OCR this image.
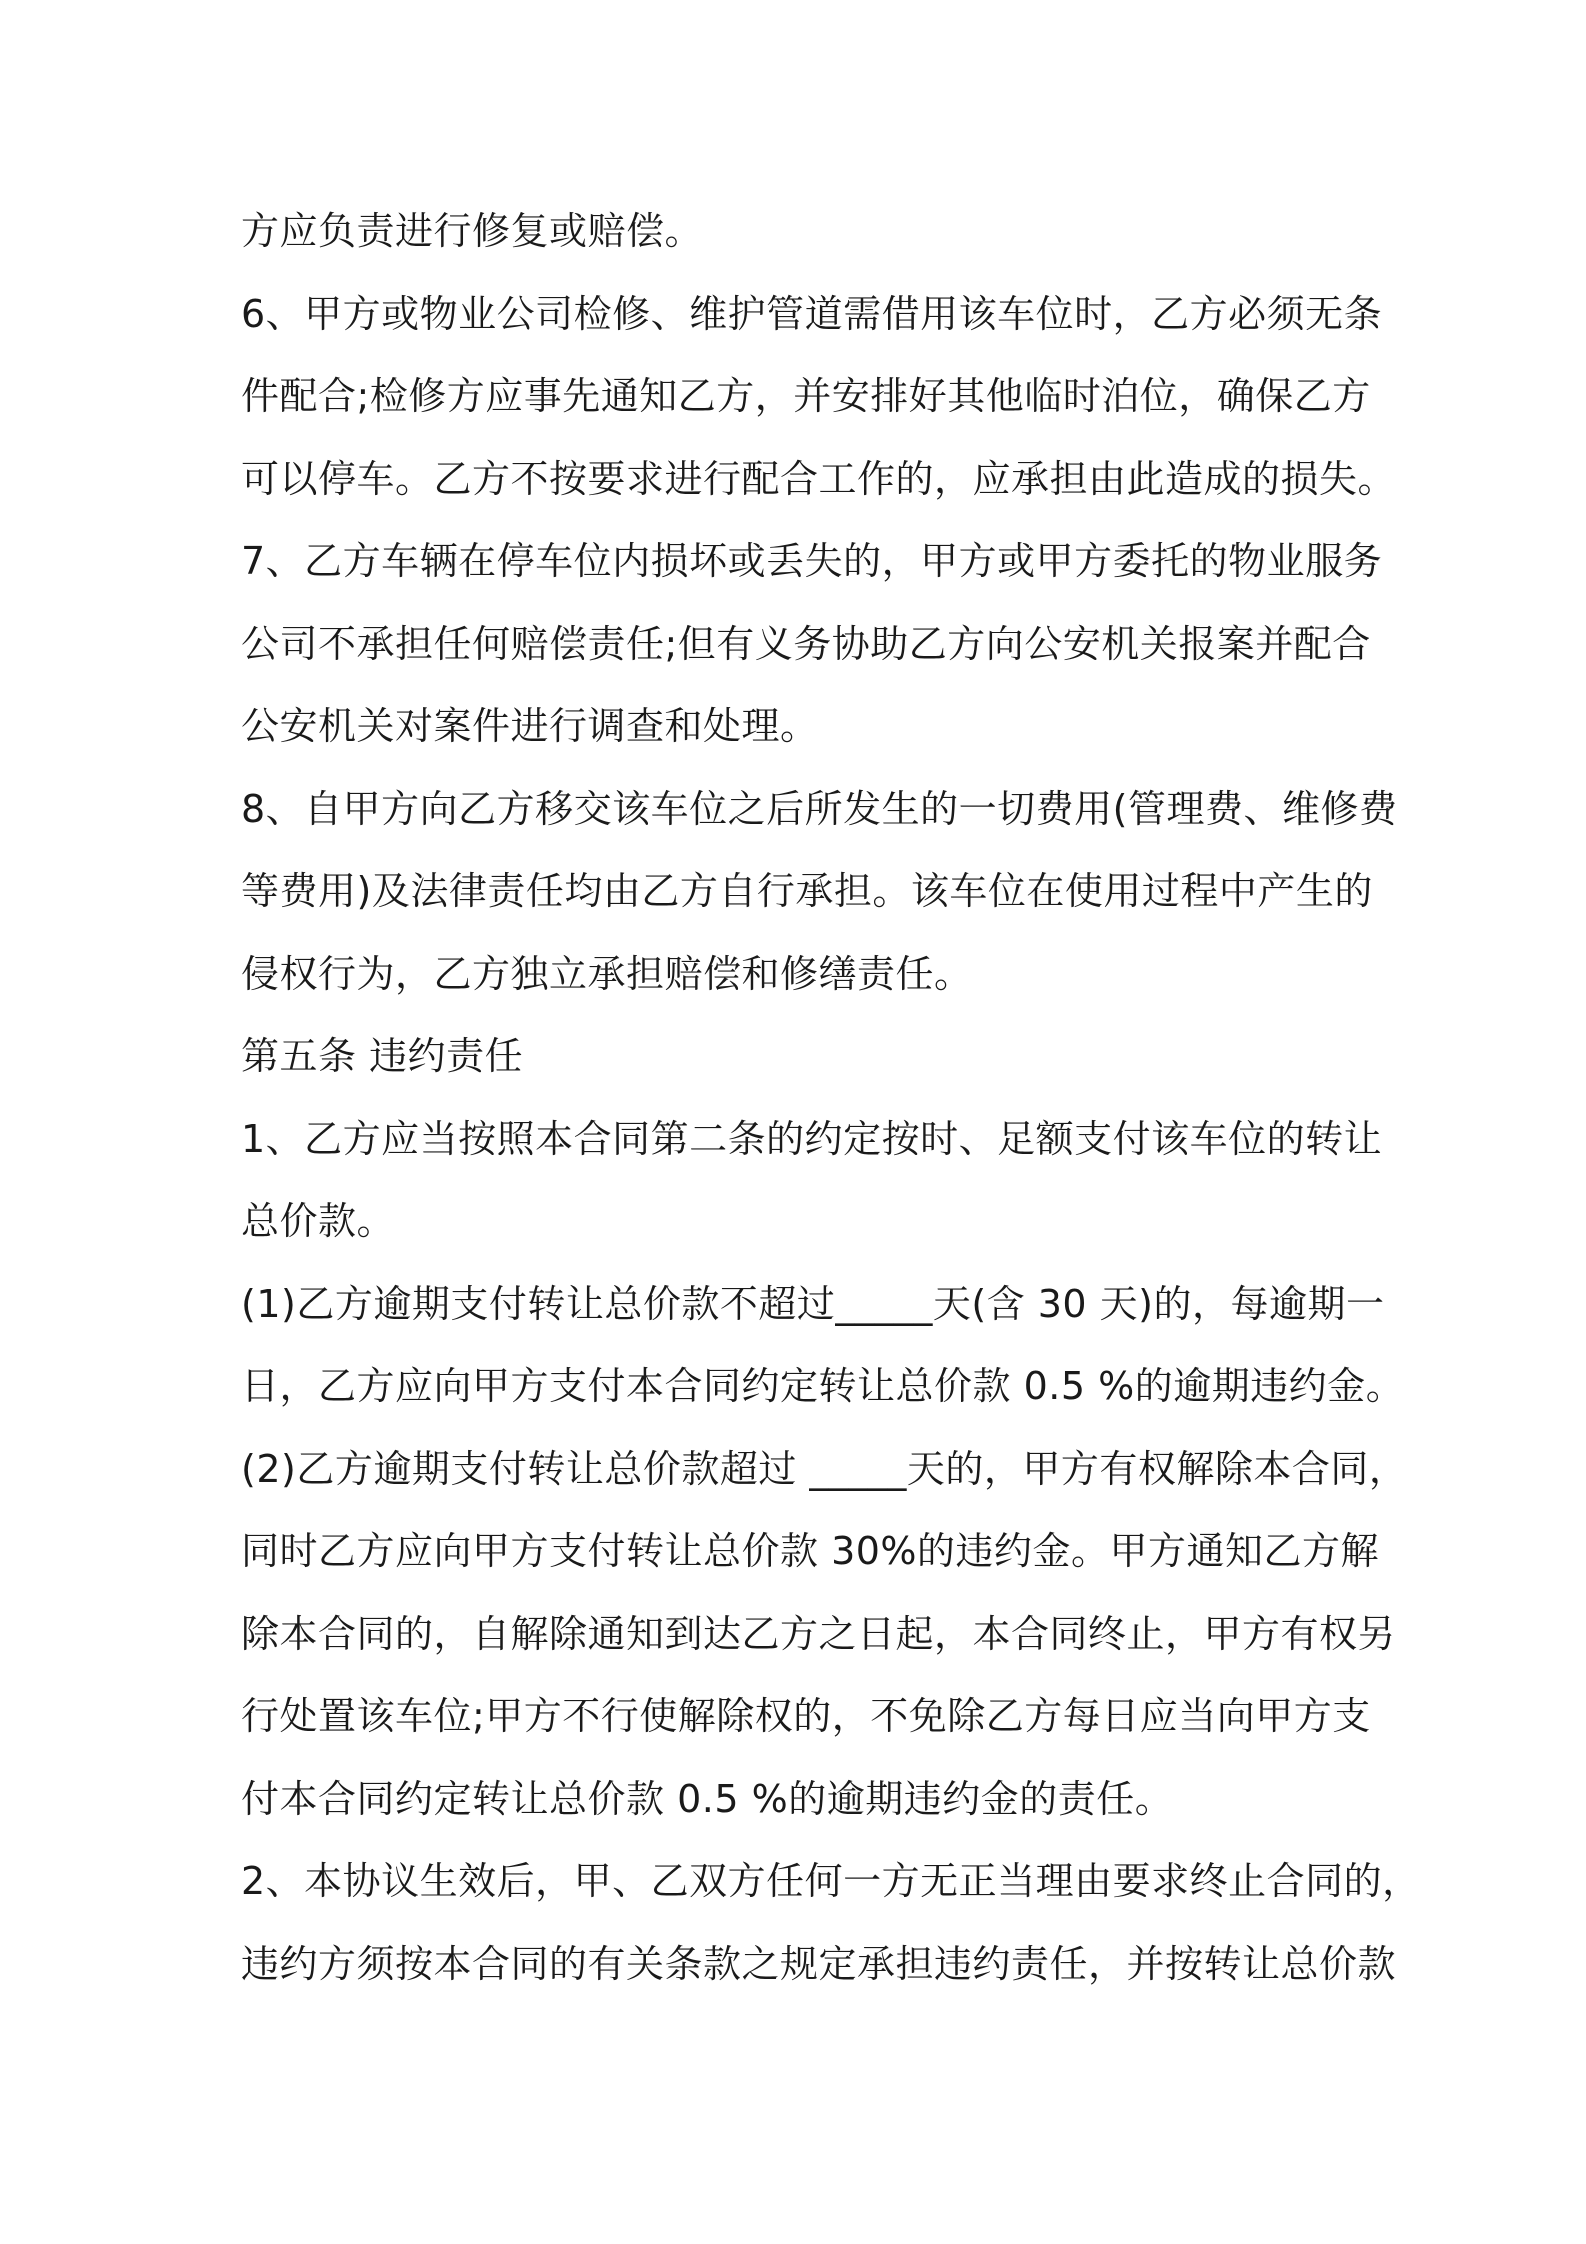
方应负责进行修复或赔偿。
6、甲方或物业公司检修、维护管道需借用该车位时，乙方必须无条
件配合;检修方应事先通知乙方，并安排好其他临时泊位，确保乙方
可以停车。乙方不按要求进行配合工作的，应承担由此造成的损失。
7、乙方车辆在停车位内损坏或丢失的，甲方或甲方委托的物业服务
公司不承担任何赔偿责任;但有义务协助乙方向公安机关报案并配合
公安机关对案件进行调查和处理。
8、自甲方向乙方移交该车位之后所发生的一切费用(管理费、维修费
等费用)及法律责任均由乙方自行承担。该车位在使用过程中产生的
侵权行为，乙方独立承担赔偿和修缮责任。
第五条 违约责任
1、乙方应当按照本合同第二条的约定按时、足额支付该车位的转让
总价款。
(1)乙方逾期支付转让总价款不超过_____天(含 30 天)的，每逾期一
日，乙方应向甲方支付本合同约定转让总价款 0.5 %的逾期违约金。
(2)乙方逾期支付转让总价款超过 _____天的，甲方有权解除本合同，
同时乙方应向甲方支付转让总价款 30%的违约金。甲方通知乙方解
除本合同的，自解除通知到达乙方之日起，本合同终止，甲方有权另
行处置该车位;甲方不行使解除权的，不免除乙方每日应当向甲方支
付本合同约定转让总价款 0.5 %的逾期违约金的责任。
2、本协议生效后，甲、乙双方任何一方无正当理由要求终止合同的，
违约方须按本合同的有关条款之规定承担违约责任，并按转让总价款
